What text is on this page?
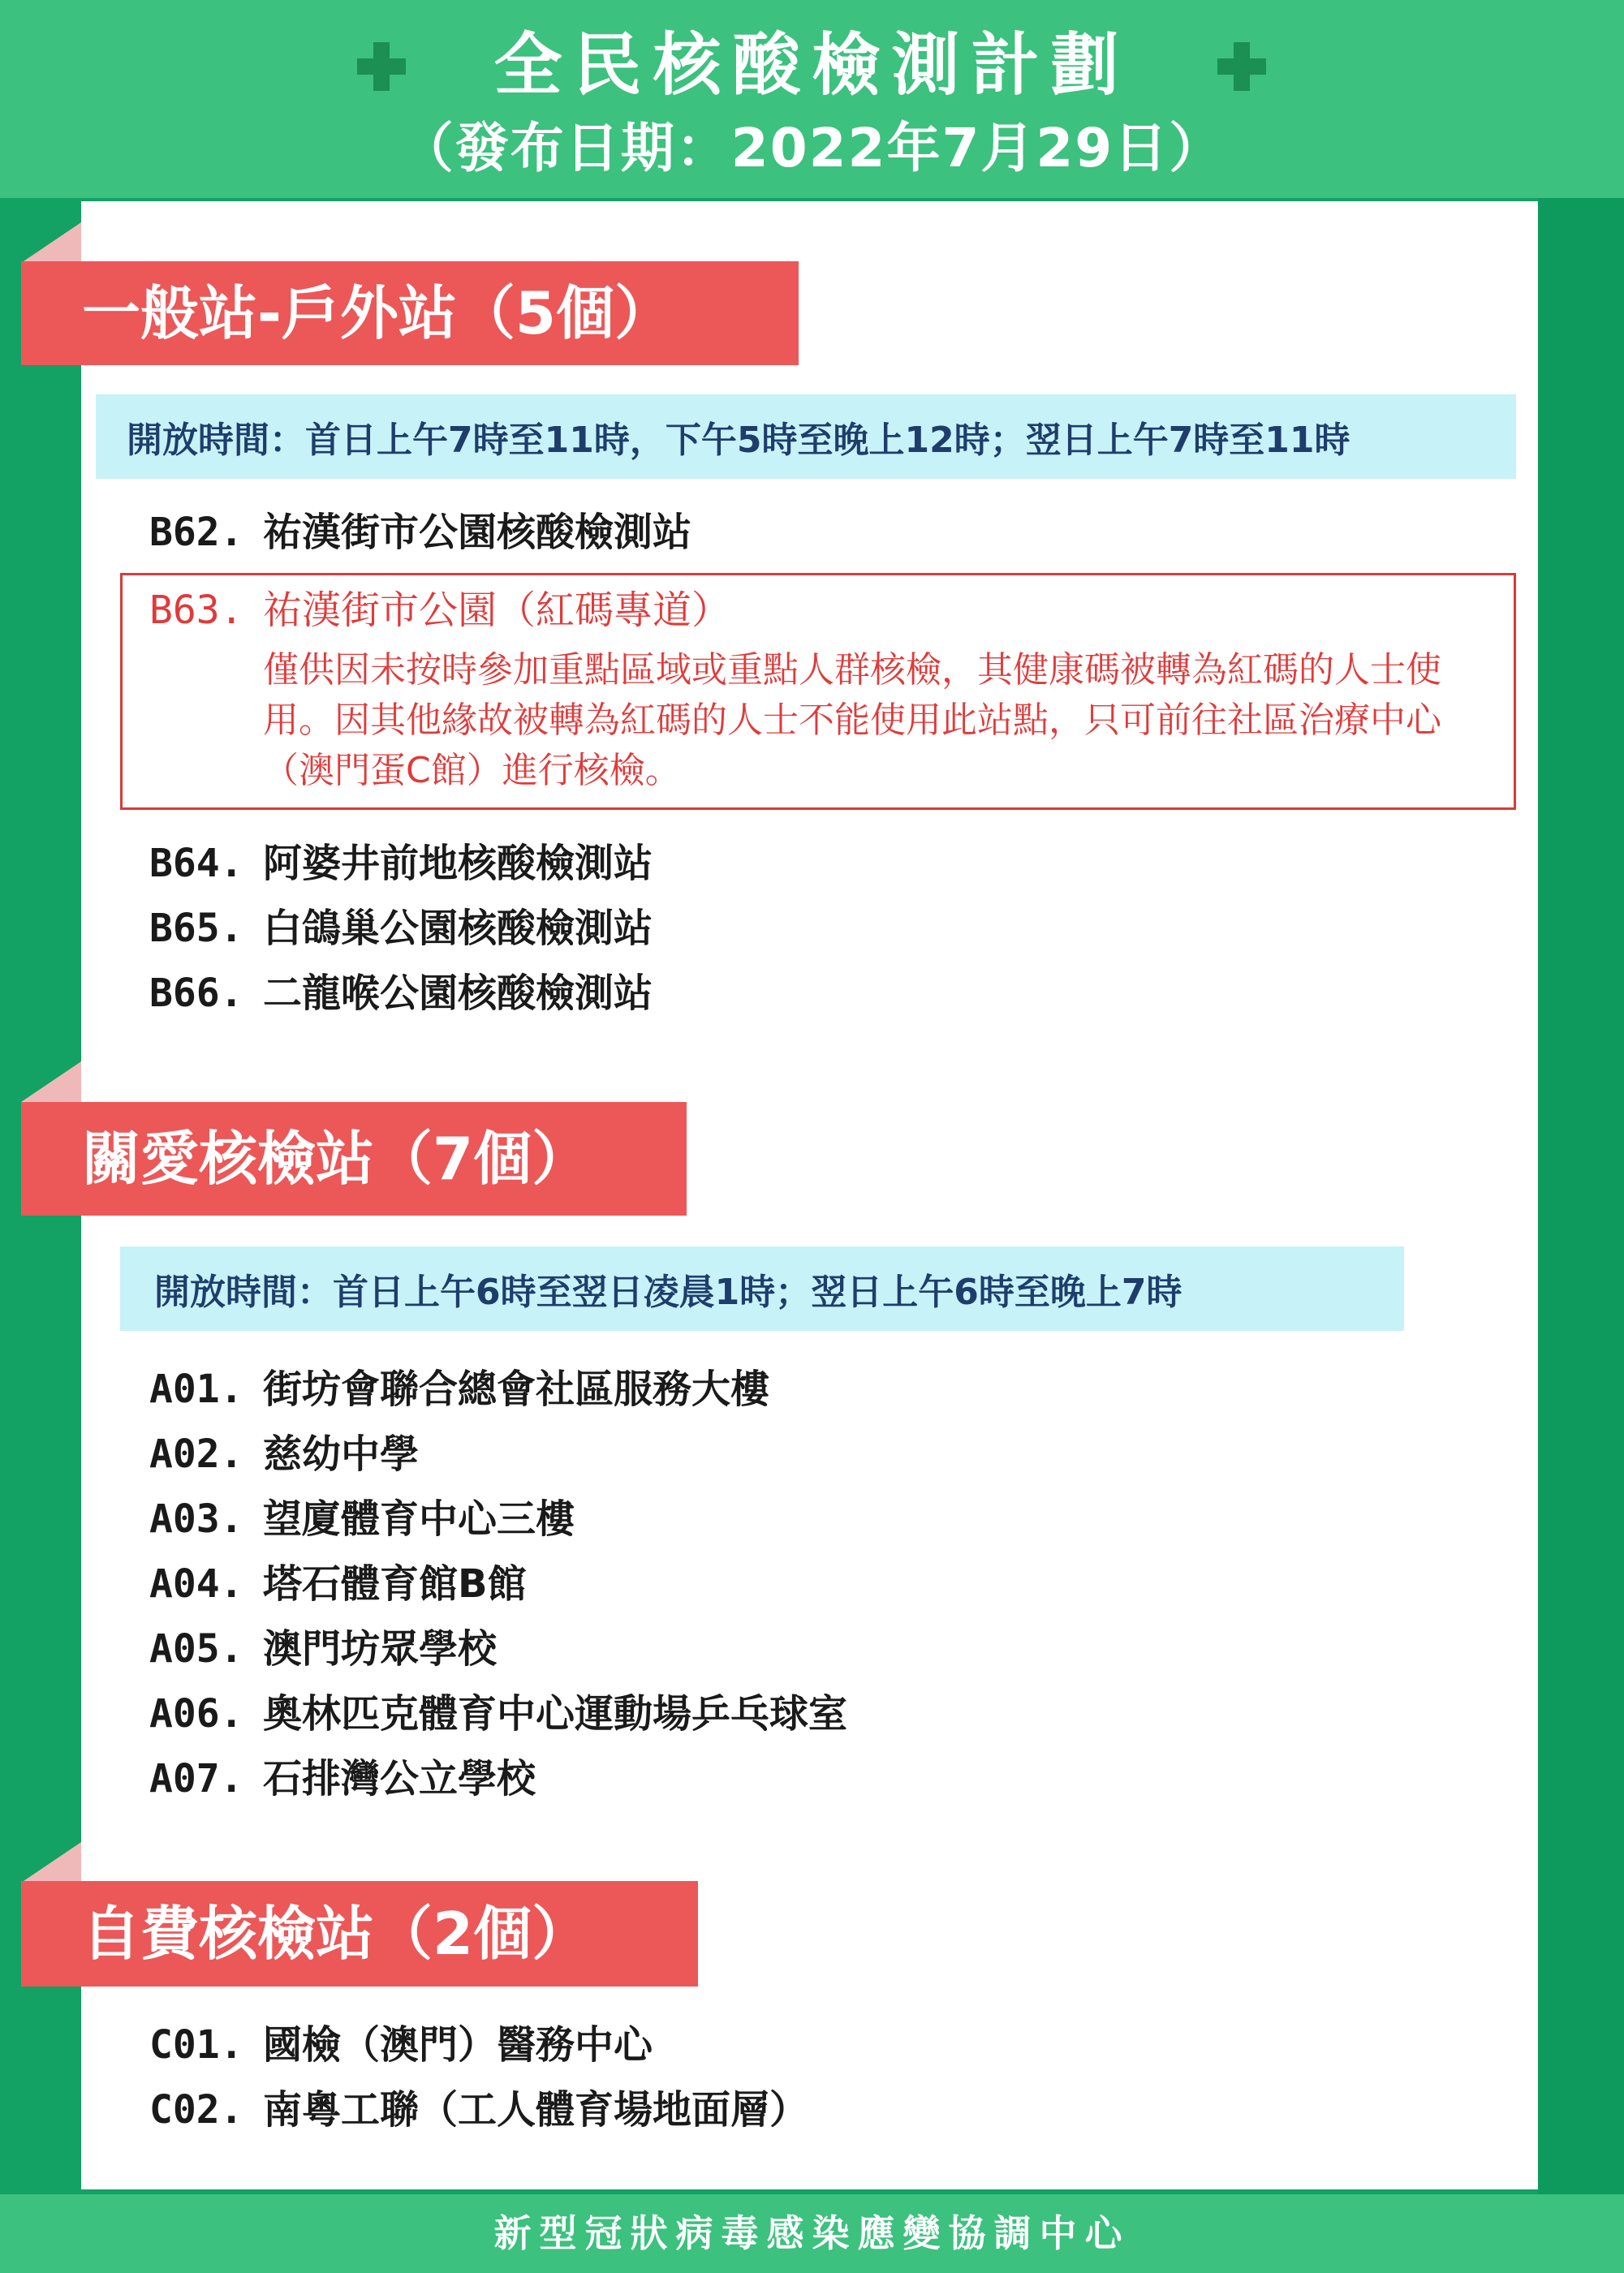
全民核酸檢測計劃
（發布日期：2022年7月29日）
一般站-戶外站（5個）
開放時間：首日上午7時至11時，下午5時至晚上12時；翌日上午7時至11時
B62. 祐漢街市公園核酸檢測站
B63. 祐漢街市公園（紅碼專道）
僅供因未按時參加重點區域或重點人群核檢，其健康碼被轉為紅碼的人士使用。因其他緣故被轉為紅碼的人士不能使用此站點，只可前往社區治療中心（澳門蛋C館）進行核檢。
B64. 阿婆井前地核酸檢測站
B65. 白鴿巢公園核酸檢測站
B66. 二龍喉公園核酸檢測站
關愛核檢站（7個）
開放時間：首日上午6時至翌日凌晨1時；翌日上午6時至晚上7時
A01. 街坊會聯合總會社區服務大樓
A02. 慈幼中學
A03. 望廈體育中心三樓
A04. 塔石體育館B館
A05. 澳門坊眾學校
A06. 奧林匹克體育中心運動場乒乓球室
A07. 石排灣公立學校
自費核檢站（2個）
C01. 國檢（澳門）醫務中心
C02. 南粵工聯（工人體育場地面層）
新型冠狀病毒感染應變協調中心
